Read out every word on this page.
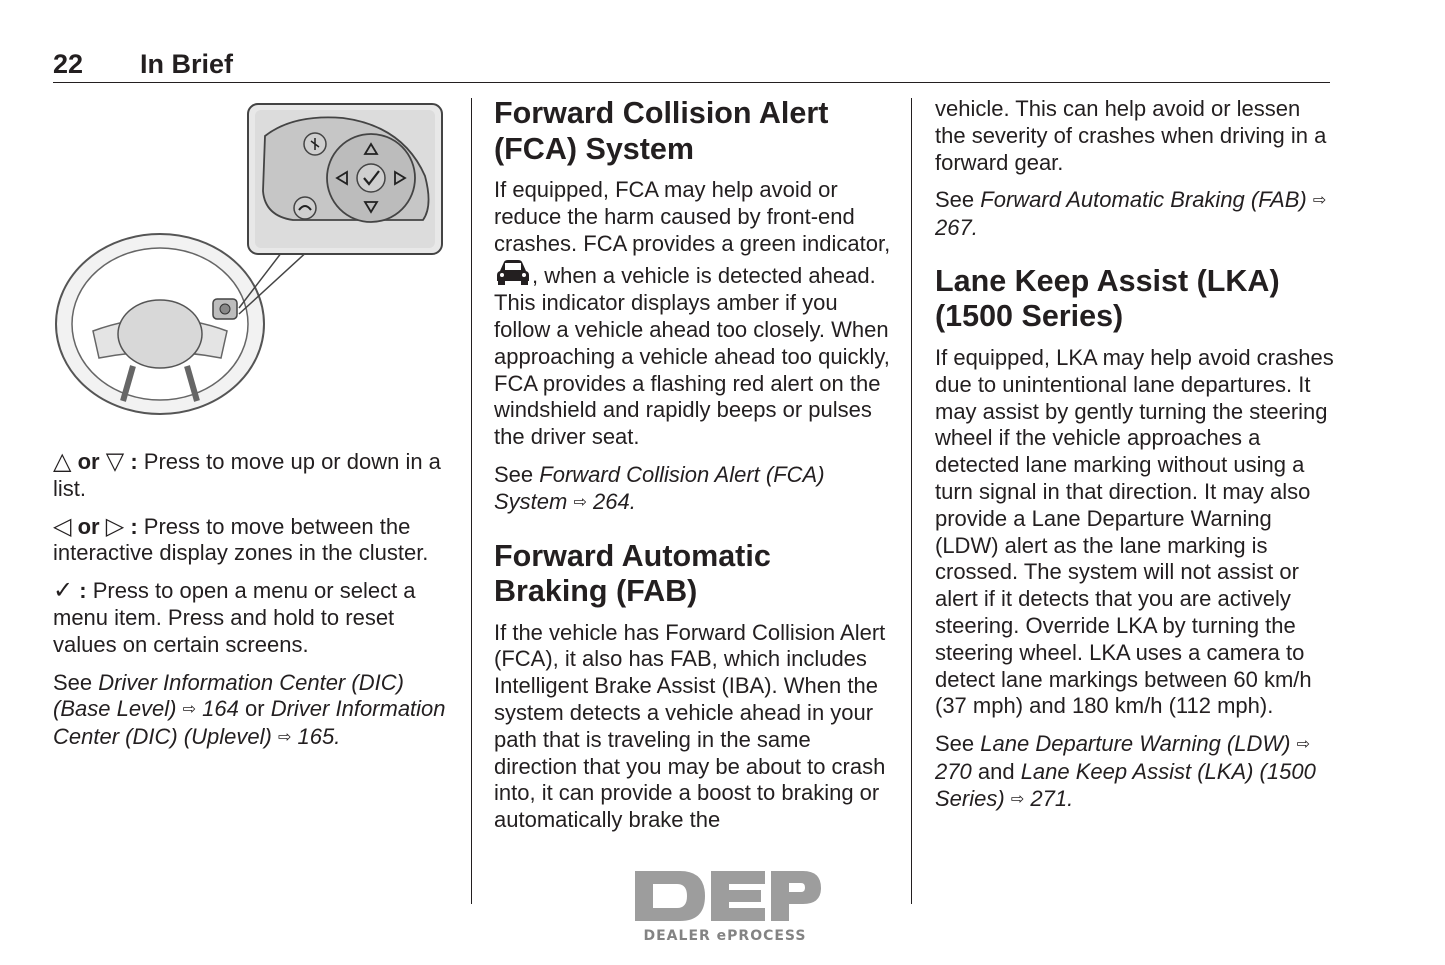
22 In Brief

△ or ▽ : Press to move up or down in a list.

◁ or ▷ : Press to move between the interactive display zones in the cluster.

✓ : Press to open a menu or select a menu item. Press and hold to reset values on certain screens.

See Driver Information Center (DIC) (Base Level) ⇨ 164 or Driver Information Center (DIC) (Uplevel) ⇨ 165.

Forward Collision Alert
(FCA) System

If equipped, FCA may help avoid or reduce the harm caused by front-end crashes. FCA provides a green indicator, , when a vehicle is detected ahead. This indicator displays amber if you follow a vehicle ahead too closely. When approaching a vehicle ahead too quickly, FCA provides a flashing red alert on the windshield and rapidly beeps or pulses the driver seat.

See Forward Collision Alert (FCA) System ⇨ 264.

Forward Automatic
Braking (FAB)

If the vehicle has Forward Collision Alert (FCA), it also has FAB, which includes Intelligent Brake Assist (IBA). When the system detects a vehicle ahead in your path that is traveling in the same direction that you may be about to crash into, it can provide a boost to braking or automatically brake the

vehicle. This can help avoid or lessen the severity of crashes when driving in a forward gear.

See Forward Automatic Braking (FAB) ⇨ 267.

Lane Keep Assist (LKA)
(1500 Series)

If equipped, LKA may help avoid crashes due to unintentional lane departures. It may assist by gently turning the steering wheel if the vehicle approaches a detected lane marking without using a turn signal in that direction. It may also provide a Lane Departure Warning (LDW) alert as the lane marking is crossed. The system will not assist or alert if it detects that you are actively steering. Override LKA by turning the steering wheel. LKA uses a camera to detect lane markings between 60 km/h (37 mph) and 180 km/h (112 mph).

See Lane Departure Warning (LDW) ⇨ 270 and Lane Keep Assist (LKA) (1500 Series) ⇨ 271.

DEALER ePROCESS
